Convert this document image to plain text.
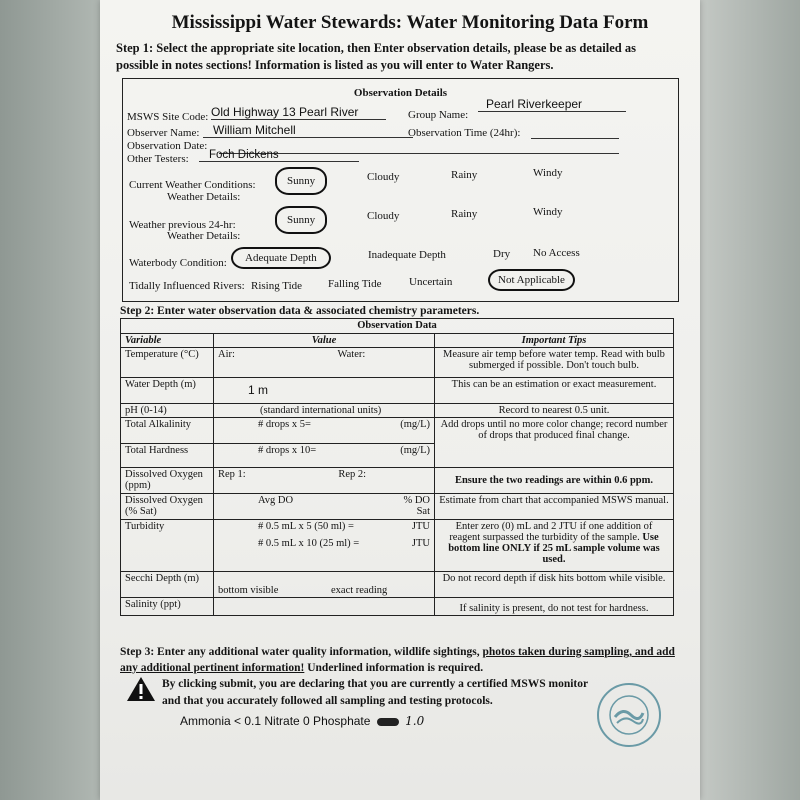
Mississippi Water Stewards: Water Monitoring Data Form
Step 1: Select the appropriate site location, then Enter observation details, please be as detailed as possible in notes sections! Information is listed as you will enter to Water Rangers.
Observation Details
MSWS Site Code: Old Highway 13 Pearl River	Group Name:
Pearl Riverkeeper
Observer Name:	William Mitchell	Observation Time (24hr):
Observation Date:
Other Testers:	Foch Dickens
Current Weather Conditions:
Weather Details:
Sunny	Cloudy	Rainy	Windy
Weather previous 24-hr:
Weather Details:
Sunny	Cloudy	Rainy	Windy
Waterbody Condition:	Adequate Depth	Inadequate Depth	Dry No Access
Tidally Influenced Rivers: Rising Tide Falling Tide	Uncertain	Not Applicable
Step 2: Enter water observation data & associated chemistry parameters.
Observation Data		
Variable	Value	Important Tips
Temperature (°C)	Air: Water:	Measure air temp before water temp. Read with bulb submerged if possible. Don't touch bulb.
Water Depth (m)	1 m	This can be an estimation or exact measurement.
pH (0-14)	(standard international units)	Record to nearest 0.5 unit.
Total Alkalinity	# drops x 5= (mg/L)	Add drops until no more color change; record number of drops that produced final change.
Total Hardness	# drops x 10= (mg/L)	

Dissolved Oxygen (ppm)	Rep 1: Rep 2:	Ensure the two readings are within 0.6 ppm.
Dissolved Oxygen (% Sat)	Avg DO % DO Sat	Estimate from chart that accompanied MSWS manual.
Turbidity	# 0.5 mL x 5 (50 ml) = JTU
# 0.5 mL x 10 (25 ml) = JTU	Enter zero (0) mL and 2 JTU if one addition of reagent surpassed the turbidity of the sample. Use bottom line ONLY if 25 mL sample volume was used.
Secchi Depth (m)	bottom visible exact reading	Do not record depth if disk hits bottom while visible.
Salinity (ppt)		If salinity is present, do not test for hardness.
Step 3: Enter any additional water quality information, wildlife sightings, photos taken during sampling, and add any additional pertinent information! Underlined information is required.
By clicking submit, you are declaring that you are currently a certified MSWS monitor and that you accurately followed all sampling and testing protocols.
Ammonia < 0.1 Nitrate 0 Phosphate	1.0
